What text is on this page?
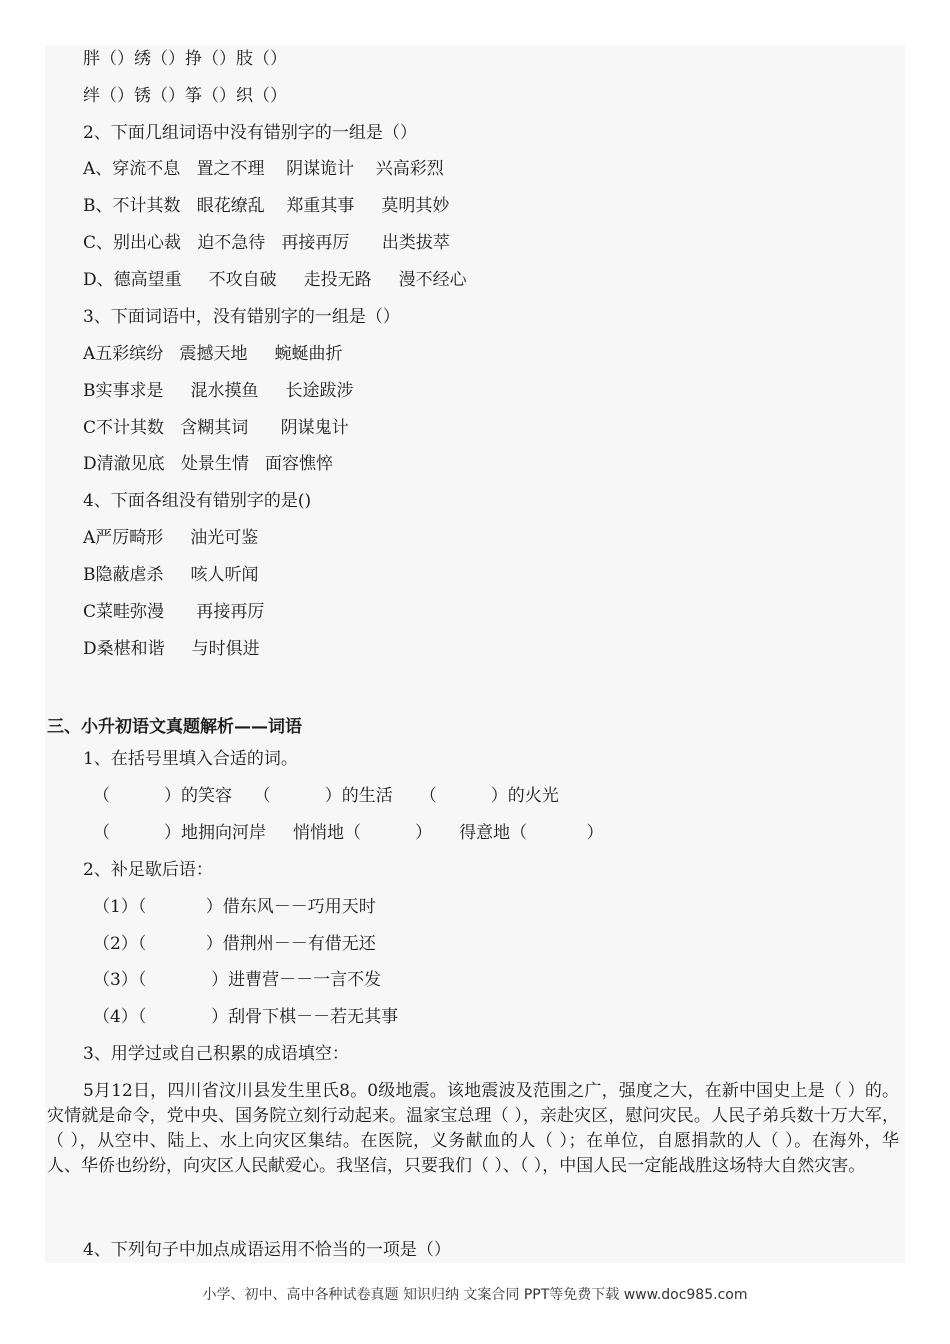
胖（）绣（）挣（）肢（）
绊（）锈（）筝（）织（）
2、下面几组词语中没有错别字的一组是（）
A、穿流不息   置之不理    阴谋诡计    兴高彩烈
B、不计其数   眼花缭乱    郑重其事     莫明其妙
C、别出心裁   迫不急待   再接再厉      出类拔萃
D、德高望重     不攻自破     走投无路     漫不经心
3、下面词语中，没有错别字的一组是（）
A五彩缤纷   震撼天地     蜿蜒曲折
B实事求是     混水摸鱼     长途跋涉
C不计其数   含糊其词      阴谋鬼计
D清澈见底   处景生情   面容憔悴
4、下面各组没有错别字的是()
A严厉畸形     油光可鉴
B隐蔽虐杀     咳人听闻
C菜畦弥漫      再接再厉
D桑椹和谐     与时俱进
三、小升初语文真题解析——词语
1、在括号里填入合适的词。
（          ）的笑容    （          ）的生活     （          ）的火光
（          ）地拥向河岸     悄悄地（          ）     得意地（           ）
2、补足歇后语：
（1）（           ）借东风－－巧用天时
（2）（           ）借荆州－－有借无还
（3）（            ）进曹营－－一言不发
（4）（            ）刮骨下棋－－若无其事
3、用学过或自己积累的成语填空：
5月12日，四川省汶川县发生里氏8。0级地震。该地震波及范围之广，强度之大，在新中国史上是（ ）的。灾情就是命令，党中央、国务院立刻行动起来。温家宝总理（ ），亲赴灾区，慰问灾民。人民子弟兵数十万大军，（ ），从空中、陆上、水上向灾区集结。在医院，义务献血的人（ ）；在单位，自愿捐款的人（ ）。在海外，华人、华侨也纷纷，向灾区人民献爱心。我坚信，只要我们（ ）、（ ），中国人民一定能战胜这场特大自然灾害。
4、下列句子中加点成语运用不恰当的一项是（）
小学、初中、高中各种试卷真题 知识归纳 文案合同 PPT等免费下载 www.doc985.com
